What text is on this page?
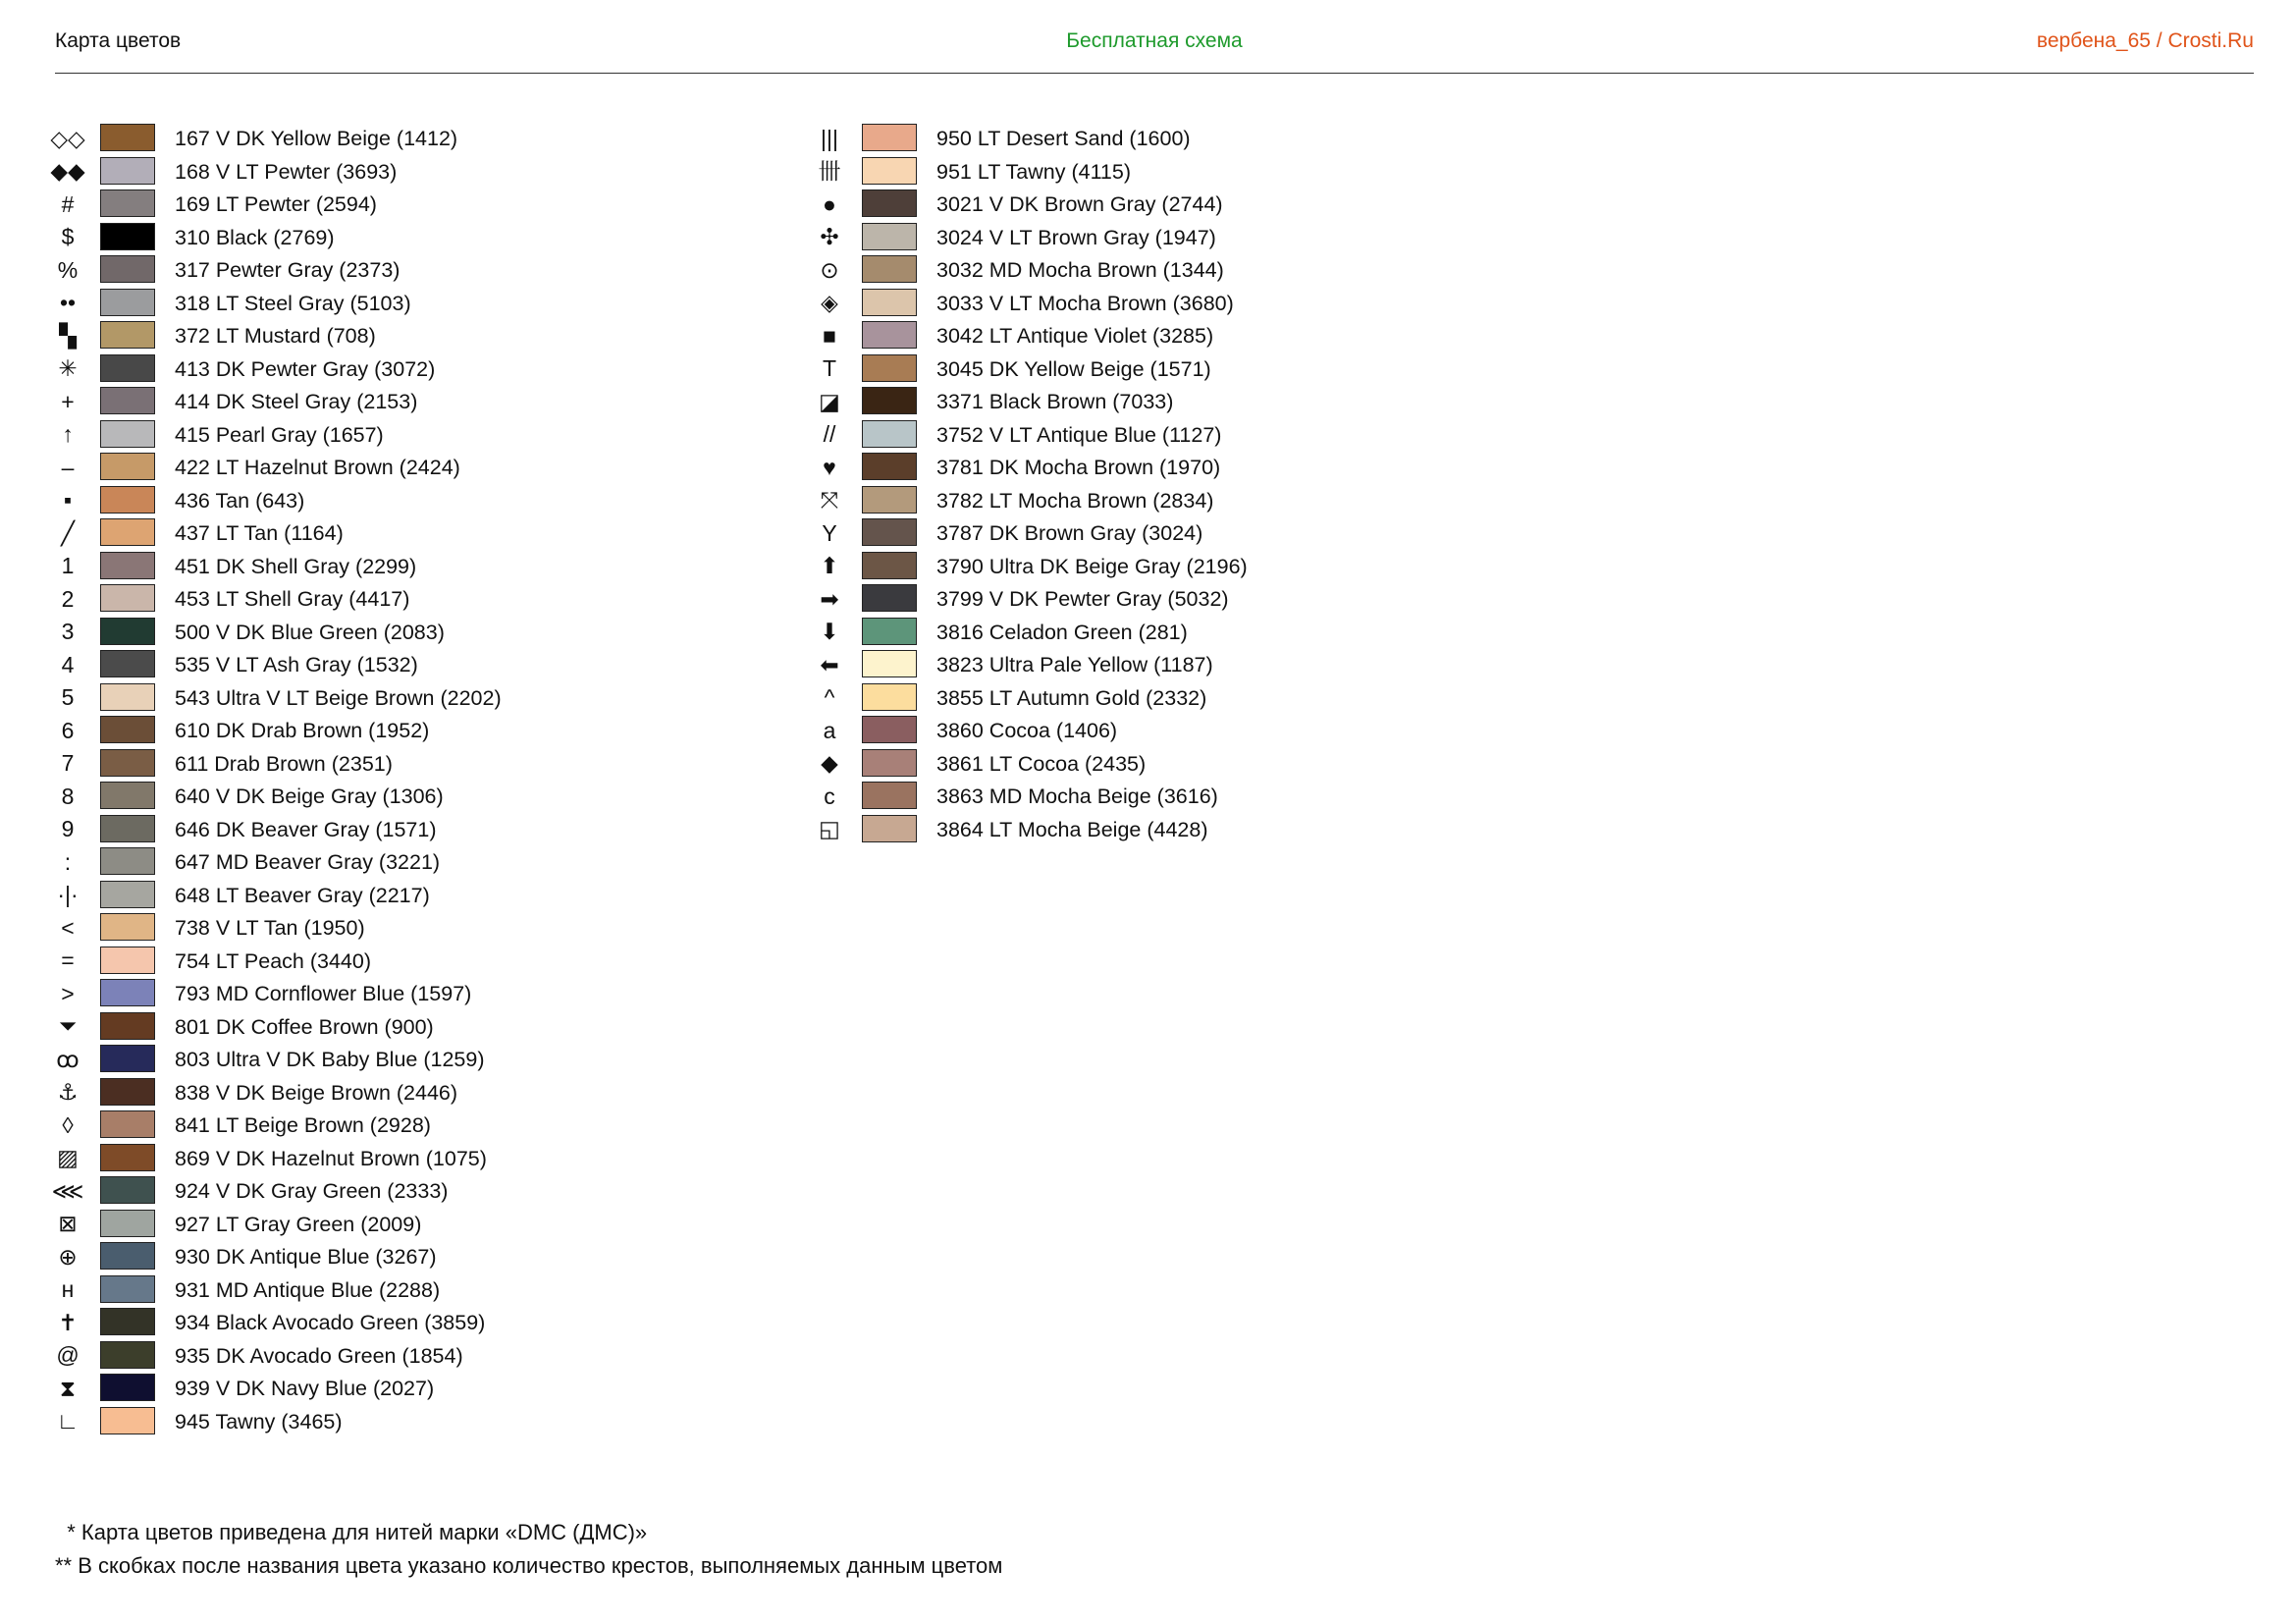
Карта цветов	Бесплатная схема	вербена_65 / Crosti.Ru
◇◇	167 V DK Yellow Beige (1412)
◆◆	168 V LT Pewter (3693)
#	169 LT Pewter (2594)
$	310 Black (2769)
%	317 Pewter Gray (2373)
••	318 LT Steel Gray (5103)
▚	372 LT Mustard (708)
✳	413 DK Pewter Gray (3072)
+	414 DK Steel Gray (2153)
↑	415 Pearl Gray (1657)
–	422 LT Hazelnut Brown (2424)
▪	436 Tan (643)
╱	437 LT Tan (1164)
1	451 DK Shell Gray (2299)
2	453 LT Shell Gray (4417)
3	500 V DK Blue Green (2083)
4	535 V LT Ash Gray (1532)
5	543 Ultra V LT Beige Brown (2202)
6	610 DK Drab Brown (1952)
7	611 Drab Brown (2351)
8	640 V DK Beige Gray (1306)
9	646 DK Beaver Gray (1571)
:	647 MD Beaver Gray (3221)
·|·	648 LT Beaver Gray (2217)
<	738 V LT Tan (1950)
=	754 LT Peach (3440)
>	793 MD Cornflower Blue (1597)
⏷	801 DK Coffee Brown (900)
ꝏ	803 Ultra V DK Baby Blue (1259)
⚓	838 V DK Beige Brown (2446)
◊	841 LT Beige Brown (2928)
▨	869 V DK Hazelnut Brown (1075)
⋘	924 V DK Gray Green (2333)
⊠	927 LT Gray Green (2009)
⊕	930 DK Antique Blue (3267)
н	931 MD Antique Blue (2288)
✝	934 Black Avocado Green (3859)
@	935 DK Avocado Green (1854)
⧗	939 V DK Navy Blue (2027)
∟	945 Tawny (3465)
|||	950 LT Desert Sand (1600)
卌	951 LT Tawny (4115)
●	3021 V DK Brown Gray (2744)
✣	3024 V LT Brown Gray (1947)
⊙	3032 MD Mocha Brown (1344)
◈	3033 V LT Mocha Brown (3680)
■	3042 LT Antique Violet (3285)
T	3045 DK Yellow Beige (1571)
◪	3371 Black Brown (7033)
//	3752 V LT Antique Blue (1127)
♥	3781 DK Mocha Brown (1970)
⤧	3782 LT Mocha Brown (2834)
Y	3787 DK Brown Gray (3024)
⬆	3790 Ultra DK Beige Gray (2196)
➡	3799 V DK Pewter Gray (5032)
⬇	3816 Celadon Green (281)
⬅	3823 Ultra Pale Yellow (1187)
^	3855 LT Autumn Gold (2332)
a	3860 Cocoa (1406)
◆	3861 LT Cocoa (2435)
c	3863 MD Mocha Beige (3616)
◱	3864 LT Mocha Beige (4428)
* Карта цветов приведена для нитей марки «DMC (ДМС)»
** В скобках после названия цвета указано количество крестов, выполняемых данным цветом
